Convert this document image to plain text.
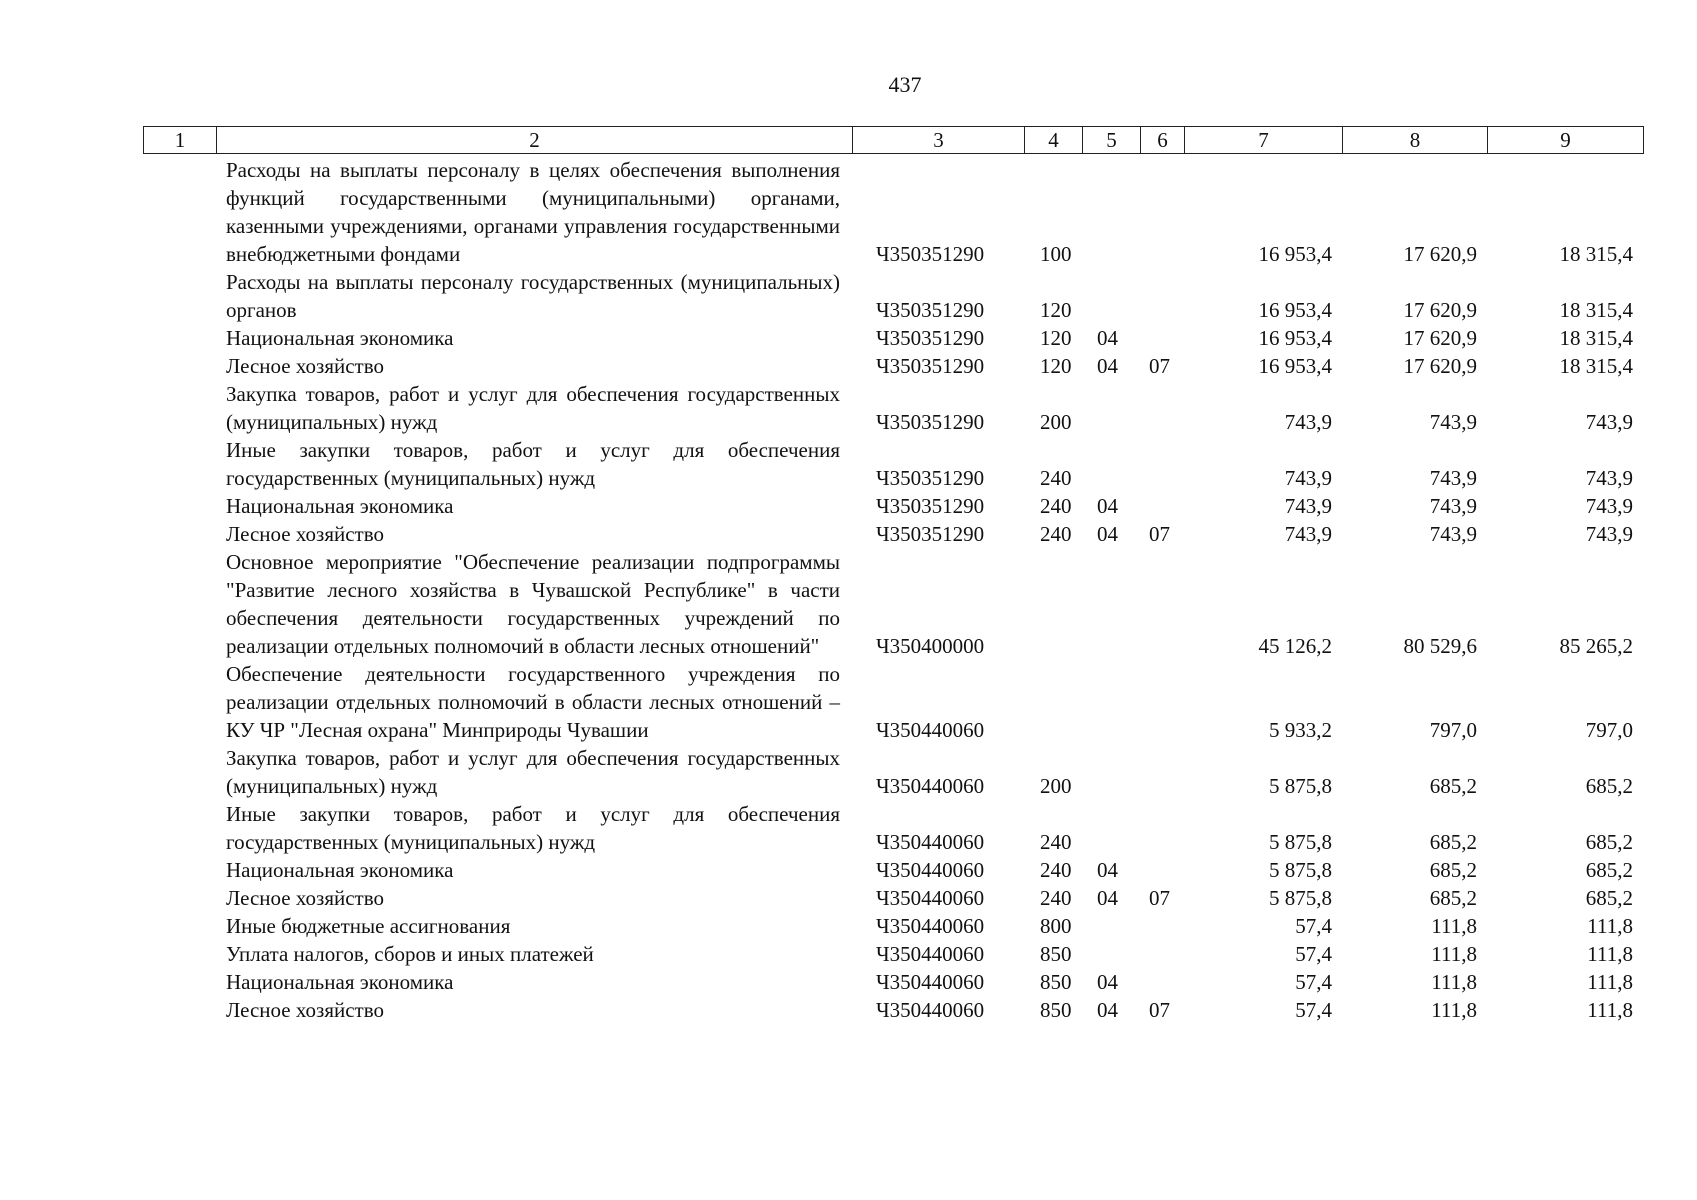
437
1	2	3	4	5	6	7	8	9
	Расходы на выплаты персоналу в целях обеспечения выполнения функций государственными (муниципальными) органами, казенными учреждениями, органами управления государственными внебюджетными фондами	Ч350351290	100			16 953,4	17 620,9	18 315,4
	Расходы на выплаты персоналу государственных (муниципальных) органов	Ч350351290	120			16 953,4	17 620,9	18 315,4
	Национальная экономика	Ч350351290	120	04		16 953,4	17 620,9	18 315,4
	Лесное хозяйство	Ч350351290	120	04	07	16 953,4	17 620,9	18 315,4
	Закупка товаров, работ и услуг для обеспечения государственных (муниципальных) нужд	Ч350351290	200			743,9	743,9	743,9
	Иные закупки товаров, работ и услуг для обеспечения государственных (муниципальных) нужд	Ч350351290	240			743,9	743,9	743,9
	Национальная экономика	Ч350351290	240	04		743,9	743,9	743,9
	Лесное хозяйство	Ч350351290	240	04	07	743,9	743,9	743,9
	Основное мероприятие "Обеспечение реализации подпрограммы "Развитие лесного хозяйства в Чувашской Республике" в части обеспечения деятельности государственных учреждений по реализации отдельных полномочий в области лесных отношений"	Ч350400000				45 126,2	80 529,6	85 265,2
	Обеспечение деятельности государственного учреждения по реализации отдельных полномочий в области лесных отношений – КУ ЧР "Лесная охрана" Минприроды Чувашии	Ч350440060				5 933,2	797,0	797,0
	Закупка товаров, работ и услуг для обеспечения государственных (муниципальных) нужд	Ч350440060	200			5 875,8	685,2	685,2
	Иные закупки товаров, работ и услуг для обеспечения государственных (муниципальных) нужд	Ч350440060	240			5 875,8	685,2	685,2
	Национальная экономика	Ч350440060	240	04		5 875,8	685,2	685,2
	Лесное хозяйство	Ч350440060	240	04	07	5 875,8	685,2	685,2
	Иные бюджетные ассигнования	Ч350440060	800			57,4	111,8	111,8
	Уплата налогов, сборов и иных платежей	Ч350440060	850			57,4	111,8	111,8
	Национальная экономика	Ч350440060	850	04		57,4	111,8	111,8
	Лесное хозяйство	Ч350440060	850	04	07	57,4	111,8	111,8
